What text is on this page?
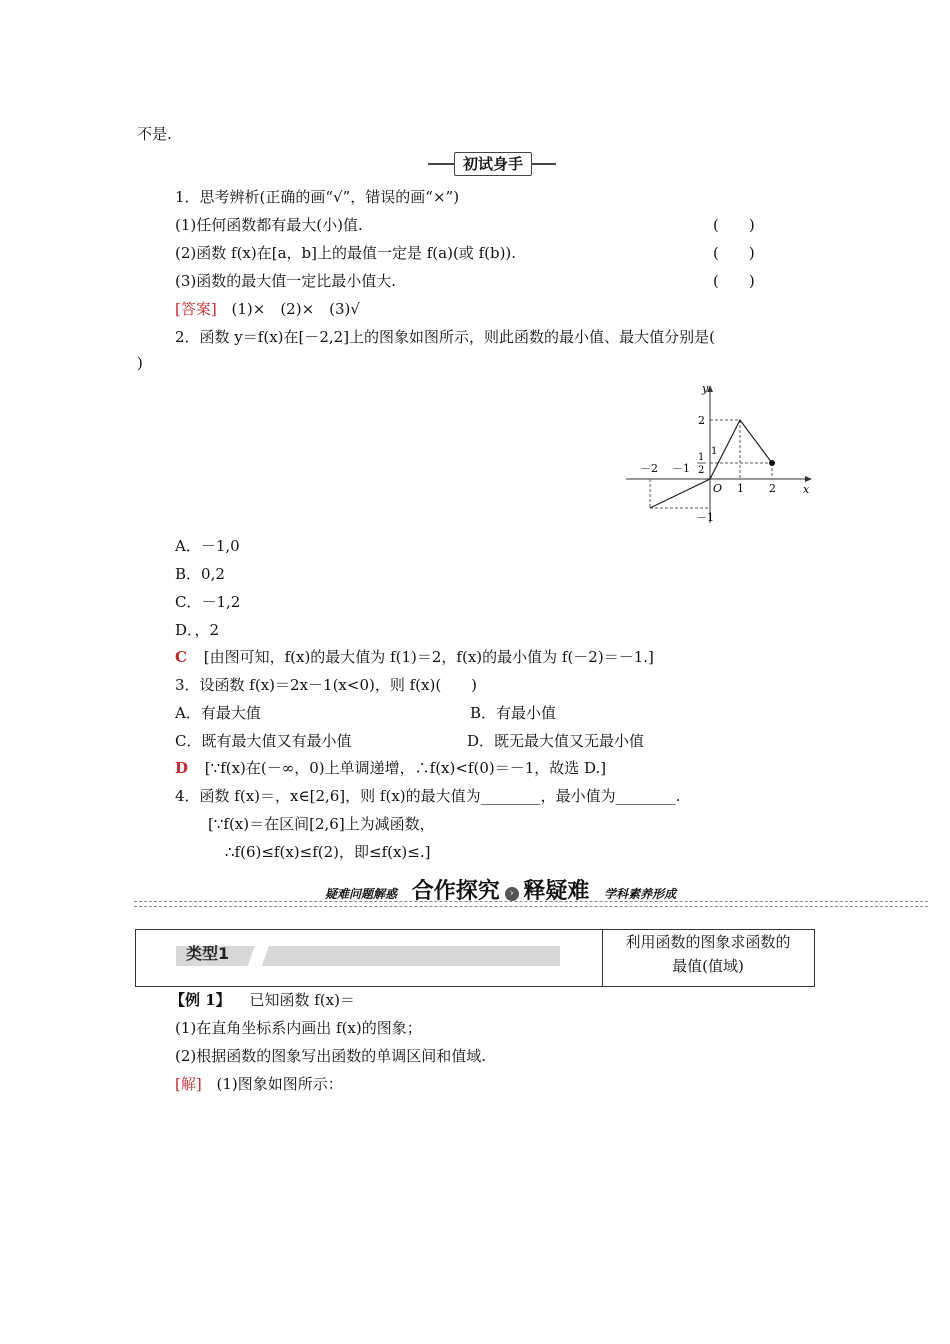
不是.
初试身手
1．思考辨析(正确的画“√”，错误的画“×”)
(1)任何函数都有最大(小)值.	(　　)
(2)函数 f(x)在[a，b]上的最值一定是 f(a)(或 f(b)).	(　　)
(3)函数的最大值一定比最小值大.	(　　)
[答案] (1)×　(2)×　(3)√
2．函数 y＝f(x)在[－2,2]上的图象如图所示，则此函数的最小值、最大值分别是(
)
y
x
O
－2 －1
1 2
2
1
1
2
－1
A．－1,0
B．0,2
C．－1,2
D．，2
C [由图可知，f(x)的最大值为 f(1)＝2，f(x)的最小值为 f(－2)＝－1.]
3．设函数 f(x)＝2x－1(x<0)，则 f(x)(　　)
A．有最大值	B．有最小值
C．既有最大值又有最小值	D．既无最大值又无最小值
D [∵f(x)在(－∞，0)上单调递增，∴f(x)<f(0)＝－1，故选 D.]
4．函数 f(x)＝，x∈[2,6]，则 f(x)的最大值为________，最小值为________.
[∵f(x)＝在区间[2,6]上为减函数，
∴f(6)≤f(x)≤f(2)，即≤f(x)≤.]
疑难问题解惑 合作探究 › 释疑难 学科素养形成

类型1
利用函数的图象求函数的
最值(值域)
【例 1】 已知函数 f(x)＝
(1)在直角坐标系内画出 f(x)的图象；
(2)根据函数的图象写出函数的单调区间和值域.
[解] (1)图象如图所示：
